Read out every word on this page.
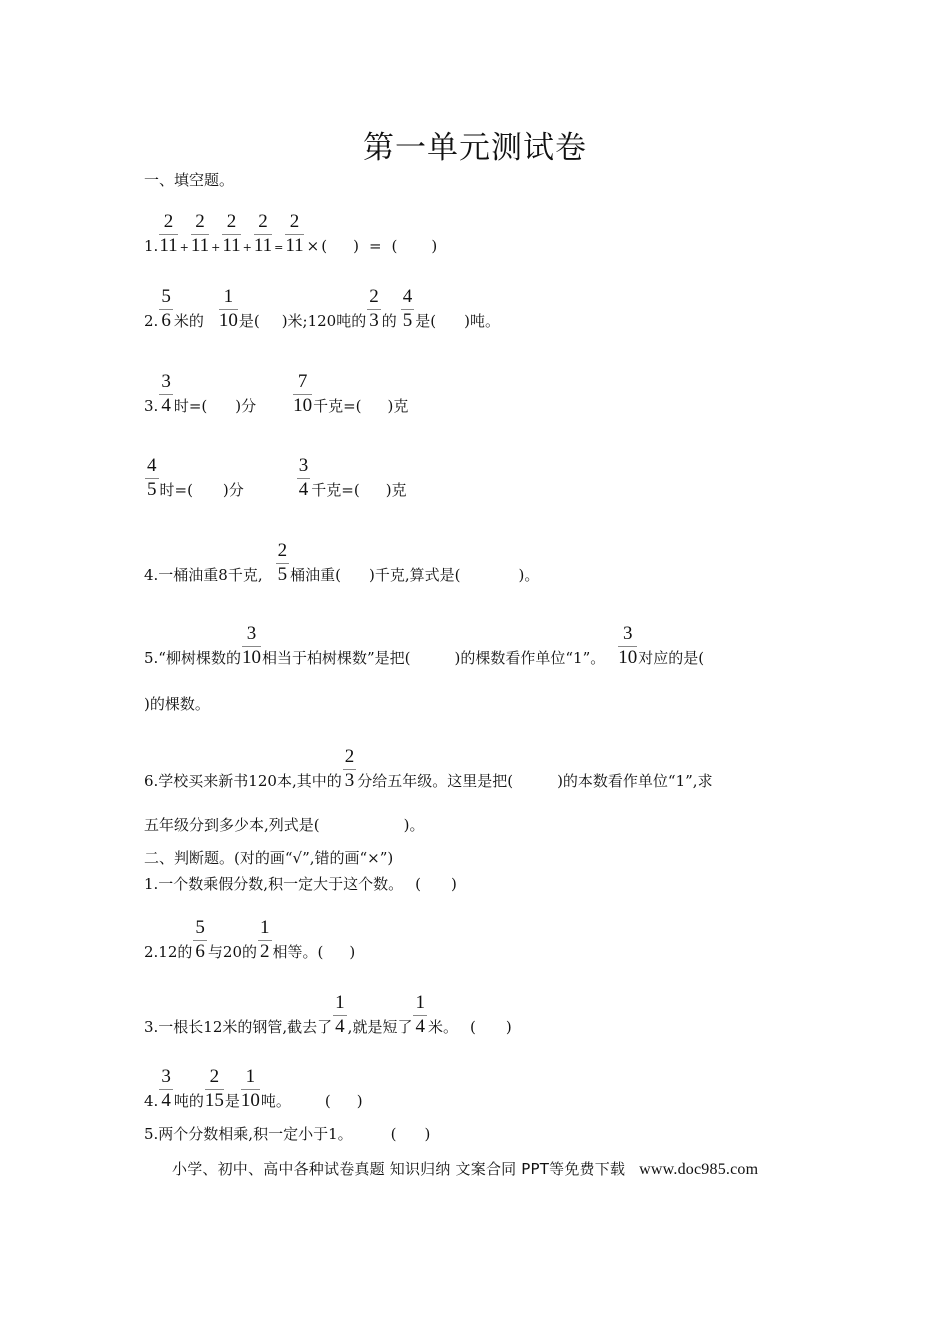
第一单元测试卷
一、填空题。
1. $\frac{2}{11} + \frac{2}{11} + \frac{2}{11} + \frac{2}{11} = \frac{2}{11}$ × ( ) = ( )
2. $\frac{5}{6}$ 米的 $\frac{1}{10}$ 是( )米;120吨的 $\frac{2}{3}$ 的 $\frac{4}{5}$ 是( )吨。
3. $\frac{3}{4}$ 时=( )分 $\frac{7}{10}$ 千克=( )克
$\frac{4}{5}$ 时=( )分	$\frac{3}{4}$ 千克=( )克
4.一桶油重8千克, $\frac{2}{5}$ 桶油重( )千克,算式是(	)。
5.“柳树棵数的 $\frac{3}{10}$ 相当于柏树棵数”是把(	)的棵数看作单位“1”。 $\frac{3}{10}$ 对应的是(
)的棵数。
6.学校买来新书120本,其中的 $\frac{2}{3}$ 分给五年级。这里是把(	)的本数看作单位“1”,求
五年级分到多少本,列式是(	)。
二、判断题。(对的画“√”,错的画“×”)
1.一个数乘假分数,积一定大于这个数。 ( )
2.12的 $\frac{5}{6}$ 与20的 $\frac{1}{2}$ 相等。( )
3.一根长12米的钢管,截去了 $\frac{1}{4}$ ,就是短了 $\frac{1}{4}$ 米。 ( )
4. $\frac{3}{4}$ 吨的 $\frac{2}{15}$ 是 $\frac{1}{10}$ 吨。 ( )
5.两个分数相乘,积一定小于1。	( )
小学、初中、高中各种试卷真题 知识归纳 文案合同 PPT等免费下载 www.doc985.com
